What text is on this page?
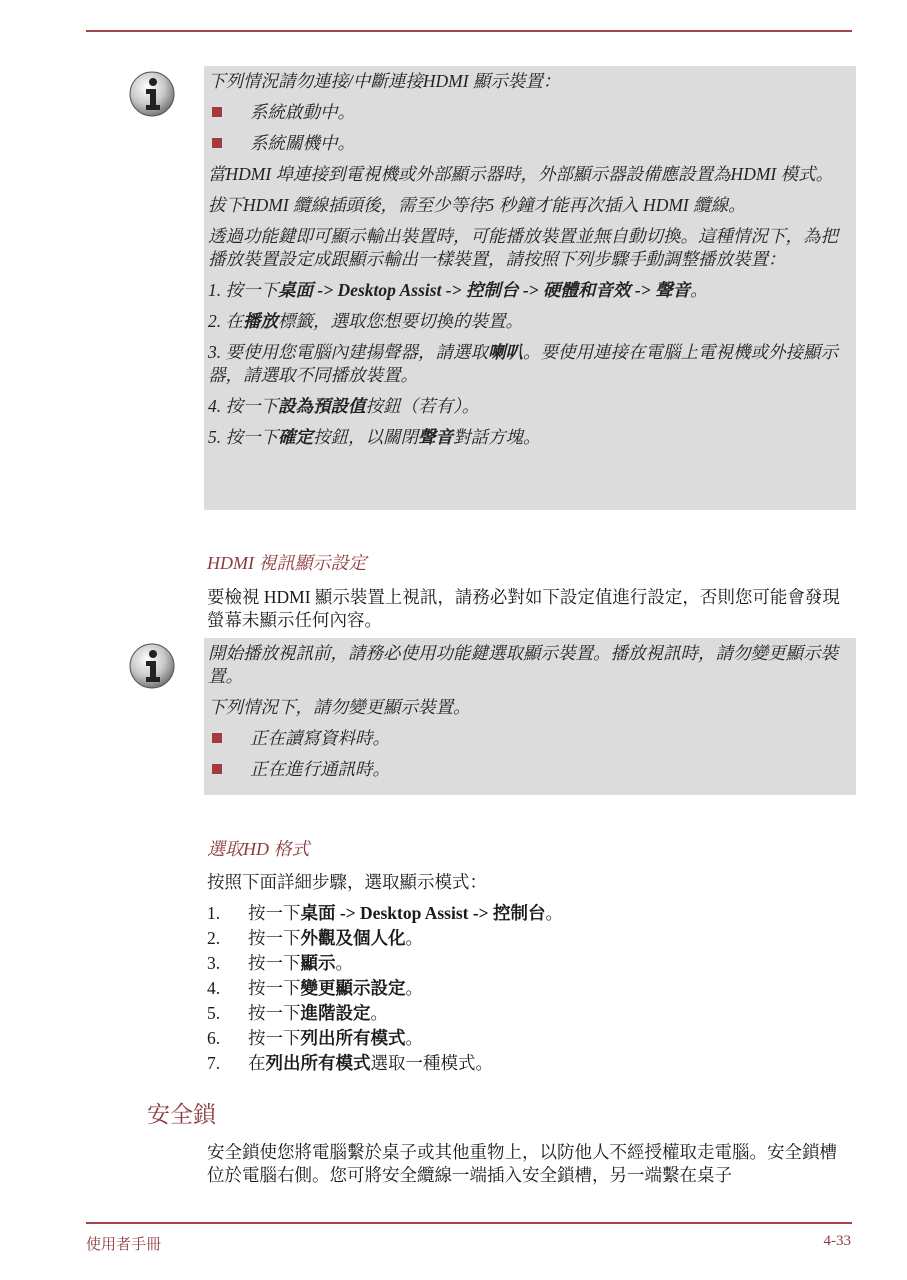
下列情況請勿連接/中斷連接HDMI 顯示裝置：

系統啟動中。
系統關機中。

當HDMI 埠連接到電視機或外部顯示器時，外部顯示器設備應設置為HDMI 模式。

拔下HDMI 纜線插頭後，需至少等待5 秒鐘才能再次插入 HDMI 纜線。

透過功能鍵即可顯示輸出裝置時，可能播放裝置並無自動切換。這種情況下，為把播放裝置設定成跟顯示輸出一樣裝置，請按照下列步驟手動調整播放裝置：

1. 按一下桌面 -> Desktop Assist -> 控制台 -> 硬體和音效 -> 聲音。

2. 在播放標籤，選取您想要切換的裝置。

3. 要使用您電腦內建揚聲器，請選取喇叭。要使用連接在電腦上電視機或外接顯示器，請選取不同播放裝置。

4. 按一下設為預設值按鈕（若有）。

5. 按一下確定按鈕，以關閉聲音對話方塊。

HDMI 視訊顯示設定
要檢視 HDMI 顯示裝置上視訊，請務必對如下設定值進行設定，否則您可能會發現螢幕未顯示任何內容。

開始播放視訊前，請務必使用功能鍵選取顯示裝置。播放視訊時，請勿變更顯示裝置。

下列情況下，請勿變更顯示裝置。

正在讀寫資料時。
正在進行通訊時。
選取HD 格式
按照下面詳細步驟，選取顯示模式：
1. 按一下桌面 -> Desktop Assist -> 控制台。
2. 按一下外觀及個人化。
3. 按一下顯示。
4. 按一下變更顯示設定。
5. 按一下進階設定。
6. 按一下列出所有模式。
7. 在列出所有模式選取一種模式。
安全鎖
安全鎖使您將電腦繫於桌子或其他重物上，以防他人不經授權取走電腦。安全鎖槽位於電腦右側。您可將安全纜線一端插入安全鎖槽，另一端繫在桌子
使用者手冊	4-33
